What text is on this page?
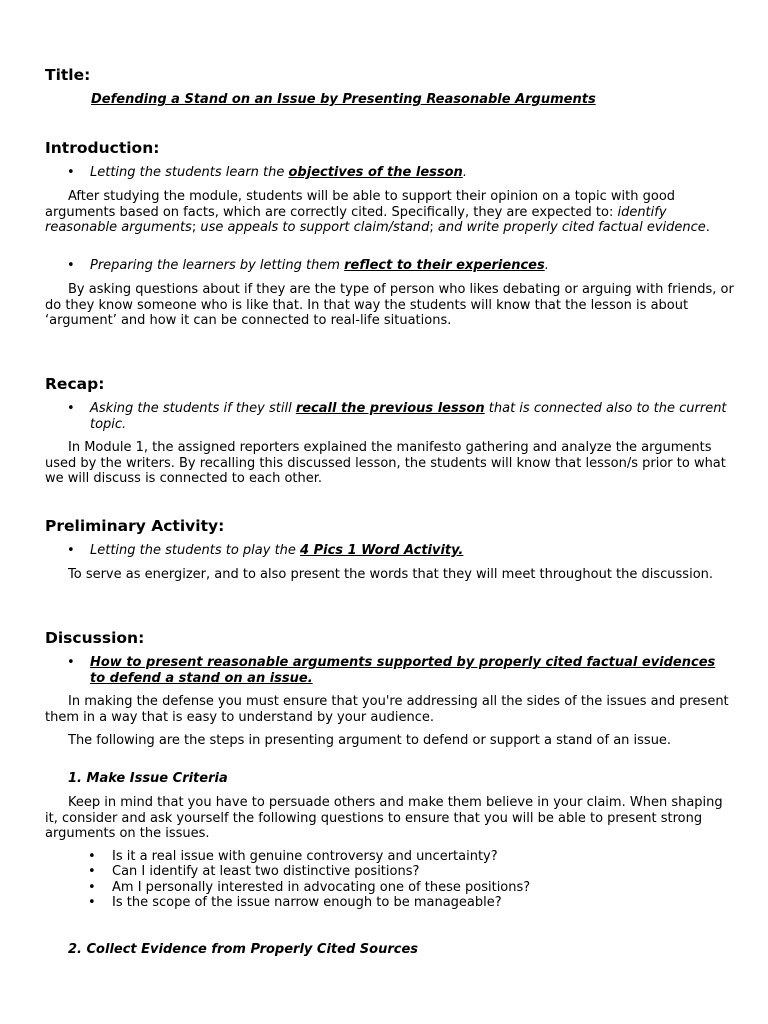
Title:
Defending a Stand on an Issue by Presenting Reasonable Arguments
Introduction:
• Letting the students learn the objectives of the lesson.
After studying the module, students will be able to support their opinion on a topic with good arguments based on facts, which are correctly cited. Specifically, they are expected to: identify reasonable arguments; use appeals to support claim/stand; and write properly cited factual evidence.
• Preparing the learners by letting them reflect to their experiences.
By asking questions about if they are the type of person who likes debating or arguing with friends, or do they know someone who is like that. In that way the students will know that the lesson is about ‘argument’ and how it can be connected to real-life situations.
Recap:
• Asking the students if they still recall the previous lesson that is connected also to the current topic.
In Module 1, the assigned reporters explained the manifesto gathering and analyze the arguments used by the writers. By recalling this discussed lesson, the students will know that lesson/s prior to what we will discuss is connected to each other.
Preliminary Activity:
• Letting the students to play the 4 Pics 1 Word Activity.
To serve as energizer, and to also present the words that they will meet throughout the discussion.
Discussion:
• How to present reasonable arguments supported by properly cited factual evidences to defend a stand on an issue.
In making the defense you must ensure that you're addressing all the sides of the issues and present them in a way that is easy to understand by your audience.
The following are the steps in presenting argument to defend or support a stand of an issue.
1. Make Issue Criteria
Keep in mind that you have to persuade others and make them believe in your claim. When shaping it, consider and ask yourself the following questions to ensure that you will be able to present strong arguments on the issues.
• Is it a real issue with genuine controversy and uncertainty?
• Can I identify at least two distinctive positions?
• Am I personally interested in advocating one of these positions?
• Is the scope of the issue narrow enough to be manageable?
2. Collect Evidence from Properly Cited Sources
